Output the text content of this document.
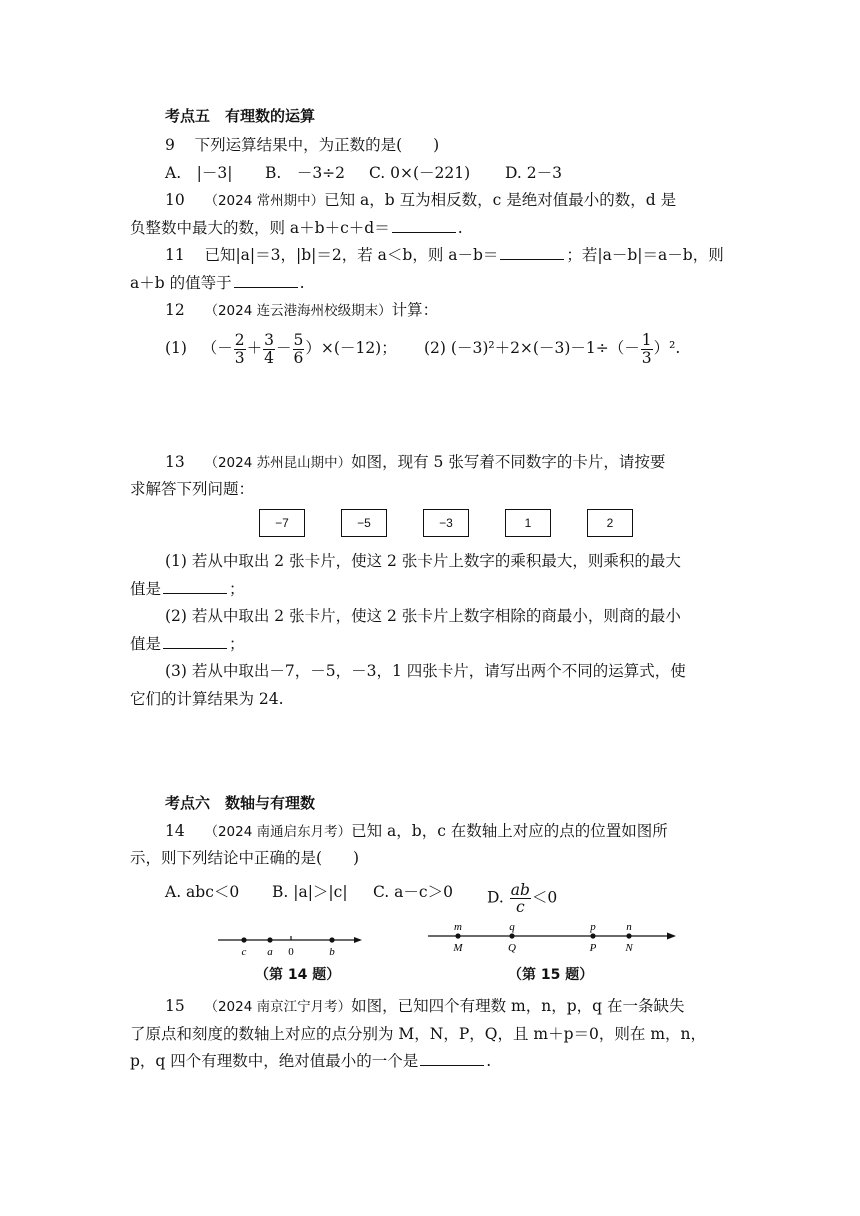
考点五　有理数的运算
9 下列运算结果中，为正数的是(　　)
A.　|－3| B.　－3÷2 C. 0×(－221) D. 2－3
10 （2024 常州期中）已知 a，b 互为相反数，c 是绝对值最小的数，d 是
负整数中最大的数，则 a＋b＋c＋d＝	.
11 已知|a|＝3，|b|＝2，若 a＜b，则 a－b＝	；若|a－b|＝a－b，则
a＋b 的值等于	.
12 （2024 连云港海州校级期末）计算：
(1) （－ $\frac{2}{3} + \frac{3}{4} - \frac{5}{6} )\times(-12)$； (2) $(-3)^2+2\times(-3)-1\div(- \frac{1}{3} )^2$.
13 （2024 苏州昆山期中）如图，现有 5 张写着不同数字的卡片，请按要
求解答下列问题：
−7	−5	−3	1	2
(1) 若从中取出 2 张卡片，使这 2 张卡片上数字的乘积最大，则乘积的最大
值是	；
(2) 若从中取出 2 张卡片，使这 2 张卡片上数字相除的商最小，则商的最小
值是	；
(3) 若从中取出－7，－5，－3，1 四张卡片，请写出两个不同的运算式，使
它们的计算结果为 24.
考点六　数轴与有理数
14 （2024 南通启东月考）已知 a，b，c 在数轴上对应的点的位置如图所
示，则下列结论中正确的是(　　)
A. abc＜0 B. |a|＞|c| C. a－c＞0 D. $\frac{ab}{c} <0$
c a 0	b
m	q	p	n
M	Q	P	N
（第 14 题）	（第 15 题）
15 （2024 南京江宁月考）如图，已知四个有理数 m，n，p，q 在一条缺失
了原点和刻度的数轴上对应的点分别为 M，N，P，Q，且 m＋p＝0，则在 m，n，
p，q 四个有理数中，绝对值最小的一个是	.
